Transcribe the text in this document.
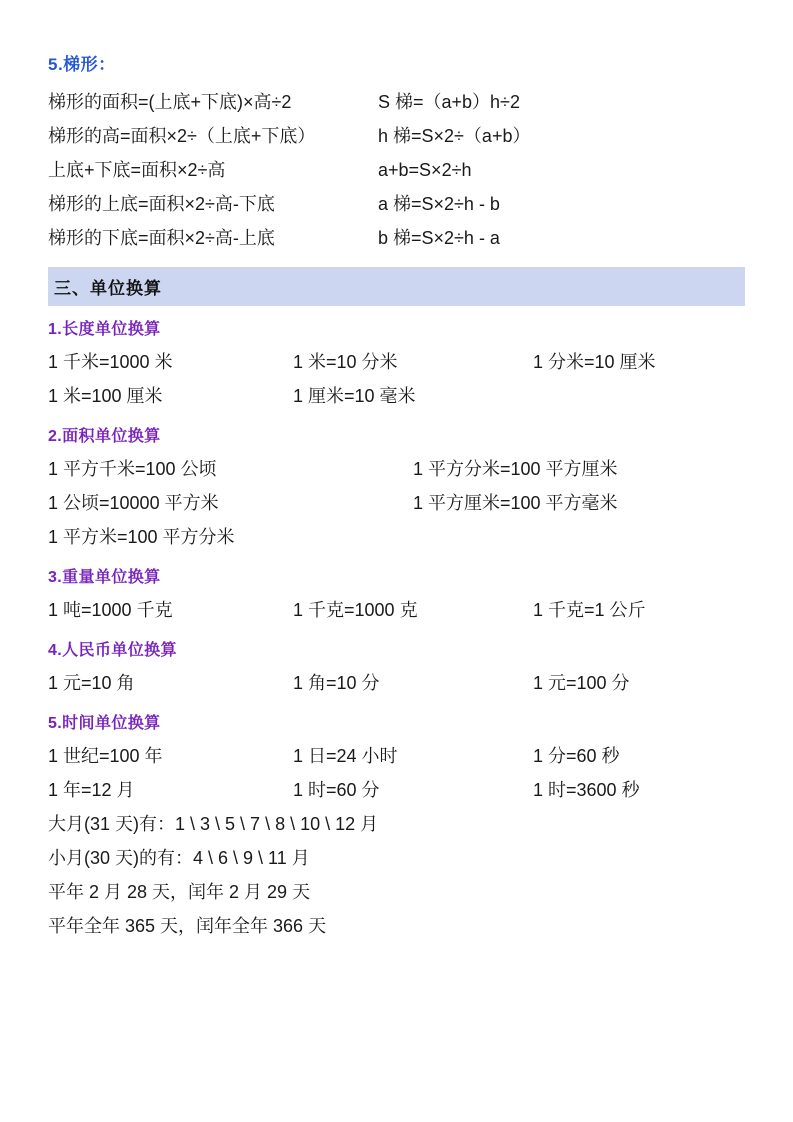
5.梯形：
梯形的面积=(上底+下底)×高÷2	S 梯=（a+b）h÷2
梯形的高=面积×2÷（上底+下底）	h 梯=S×2÷（a+b）
上底+下底=面积×2÷高	a+b=S×2÷h
梯形的上底=面积×2÷高-下底	a 梯=S×2÷h - b
梯形的下底=面积×2÷高-上底	b 梯=S×2÷h - a
三、单位换算
1.长度单位换算
1 千米=1000 米	1 米=10 分米	1 分米=10 厘米
1 米=100 厘米	1 厘米=10 毫米
2.面积单位换算
1 平方千米=100 公顷	1 平方分米=100 平方厘米
1 公顷=10000 平方米	1 平方厘米=100 平方毫米
1 平方米=100 平方分米
3.重量单位换算
1 吨=1000 千克	1 千克=1000 克	1 千克=1 公斤
4.人民币单位换算
1 元=10 角	1 角=10 分	1 元=100 分
5.时间单位换算
1 世纪=100 年	1 日=24 小时	1 分=60 秒
1 年=12 月	1 时=60 分	1 时=3600 秒
大月(31 天)有：1 \ 3 \ 5 \ 7 \ 8 \ 10 \ 12 月
小月(30 天)的有：4 \ 6 \ 9 \ 11 月
平年 2 月 28 天，闰年 2 月 29 天
平年全年 365 天，闰年全年 366 天
